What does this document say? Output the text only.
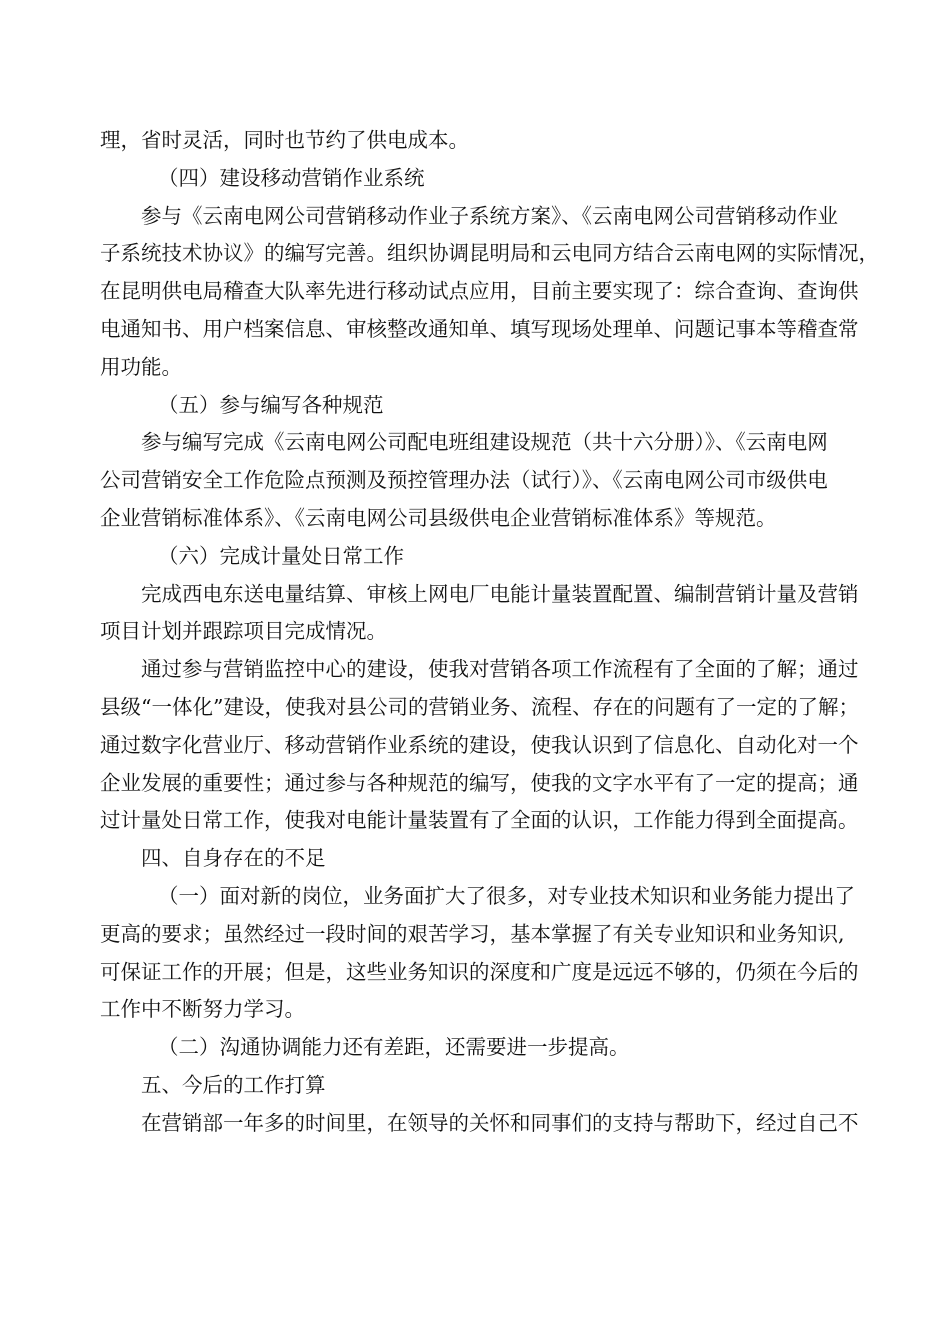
理，省时灵活，同时也节约了供电成本。

（四）建设移动营销作业系统

参与《云南电网公司营销移动作业子系统方案》、《云南电网公司营销移动作业
子系统技术协议》的编写完善。组织协调昆明局和云电同方结合云南电网的实际情况，
在昆明供电局稽查大队率先进行移动试点应用，目前主要实现了：综合查询、查询供
电通知书、用户档案信息、审核整改通知单、填写现场处理单、问题记事本等稽查常
用功能。

（五）参与编写各种规范

参与编写完成《云南电网公司配电班组建设规范（共十六分册）》、《云南电网
公司营销安全工作危险点预测及预控管理办法（试行）》、《云南电网公司市级供电
企业营销标准体系》、《云南电网公司县级供电企业营销标准体系》等规范。

（六）完成计量处日常工作

完成西电东送电量结算、审核上网电厂电能计量装置配置、编制营销计量及营销
项目计划并跟踪项目完成情况。

通过参与营销监控中心的建设，使我对营销各项工作流程有了全面的了解；通过
县级“一体化”建设，使我对县公司的营销业务、流程、存在的问题有了一定的了解；
通过数字化营业厅、移动营销作业系统的建设，使我认识到了信息化、自动化对一个
企业发展的重要性；通过参与各种规范的编写，使我的文字水平有了一定的提高；通
过计量处日常工作，使我对电能计量装置有了全面的认识，工作能力得到全面提高。

四、自身存在的不足

（一）面对新的岗位，业务面扩大了很多，对专业技术知识和业务能力提出了
更高的要求；虽然经过一段时间的艰苦学习，基本掌握了有关专业知识和业务知识,
可保证工作的开展；但是，这些业务知识的深度和广度是远远不够的，仍须在今后的
工作中不断努力学习。

（二）沟通协调能力还有差距，还需要进一步提高。

五、今后的工作打算

在营销部一年多的时间里，在领导的关怀和同事们的支持与帮助下，经过自己不
